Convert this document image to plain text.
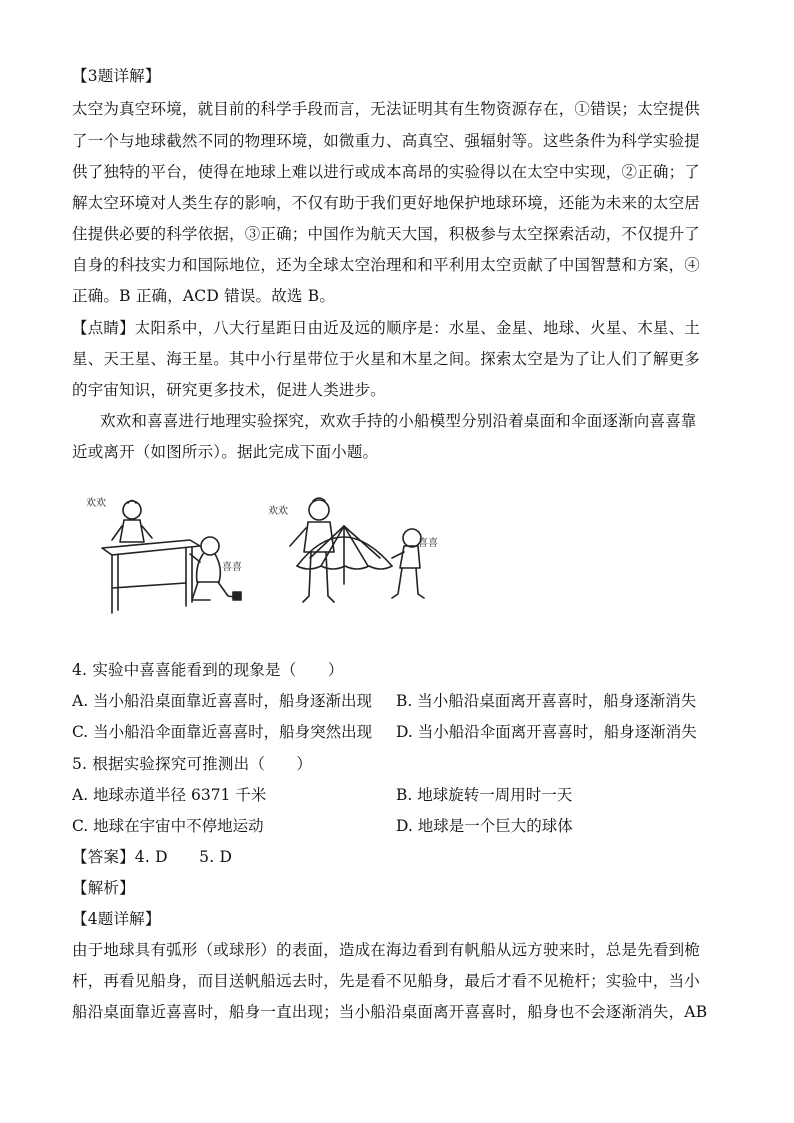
【3题详解】
太空为真空环境，就目前的科学手段而言，无法证明其有生物资源存在，①错误；太空提供
了一个与地球截然不同的物理环境，如微重力、高真空、强辐射等。这些条件为科学实验提
供了独特的平台，使得在地球上难以进行或成本高昂的实验得以在太空中实现，②正确；了
解太空环境对人类生存的影响，不仅有助于我们更好地保护地球环境，还能为未来的太空居
住提供必要的科学依据，③正确；中国作为航天大国，积极参与太空探索活动，不仅提升了
自身的科技实力和国际地位，还为全球太空治理和和平利用太空贡献了中国智慧和方案，④
正确。B 正确，ACD 错误。故选 B。
【点睛】太阳系中，八大行星距日由近及远的顺序是：水星、金星、地球、火星、木星、土
星、天王星、海王星。其中小行星带位于火星和木星之间。探索太空是为了让人们了解更多
的宇宙知识，研究更多技术，促进人类进步。
欢欢和喜喜进行地理实验探究，欢欢手持的小船模型分别沿着桌面和伞面逐渐向喜喜靠
近或离开（如图所示）。据此完成下面小题。
欢欢
喜喜
欢欢
喜喜
4. 实验中喜喜能看到的现象是（　　）
A. 当小船沿桌面靠近喜喜时，船身逐渐出现 B. 当小船沿桌面离开喜喜时，船身逐渐消失
C. 当小船沿伞面靠近喜喜时，船身突然出现 D. 当小船沿伞面离开喜喜时，船身逐渐消失
5. 根据实验探究可推测出（　　）
A. 地球赤道半径 6371 千米	B. 地球旋转一周用时一天
C. 地球在宇宙中不停地运动	D. 地球是一个巨大的球体
【答案】4. D　　5. D
【解析】
【4题详解】
由于地球具有弧形（或球形）的表面，造成在海边看到有帆船从远方驶来时，总是先看到桅
杆，再看见船身，而目送帆船远去时，先是看不见船身，最后才看不见桅杆；实验中，当小
船沿桌面靠近喜喜时，船身一直出现；当小船沿桌面离开喜喜时，船身也不会逐渐消失，AB
